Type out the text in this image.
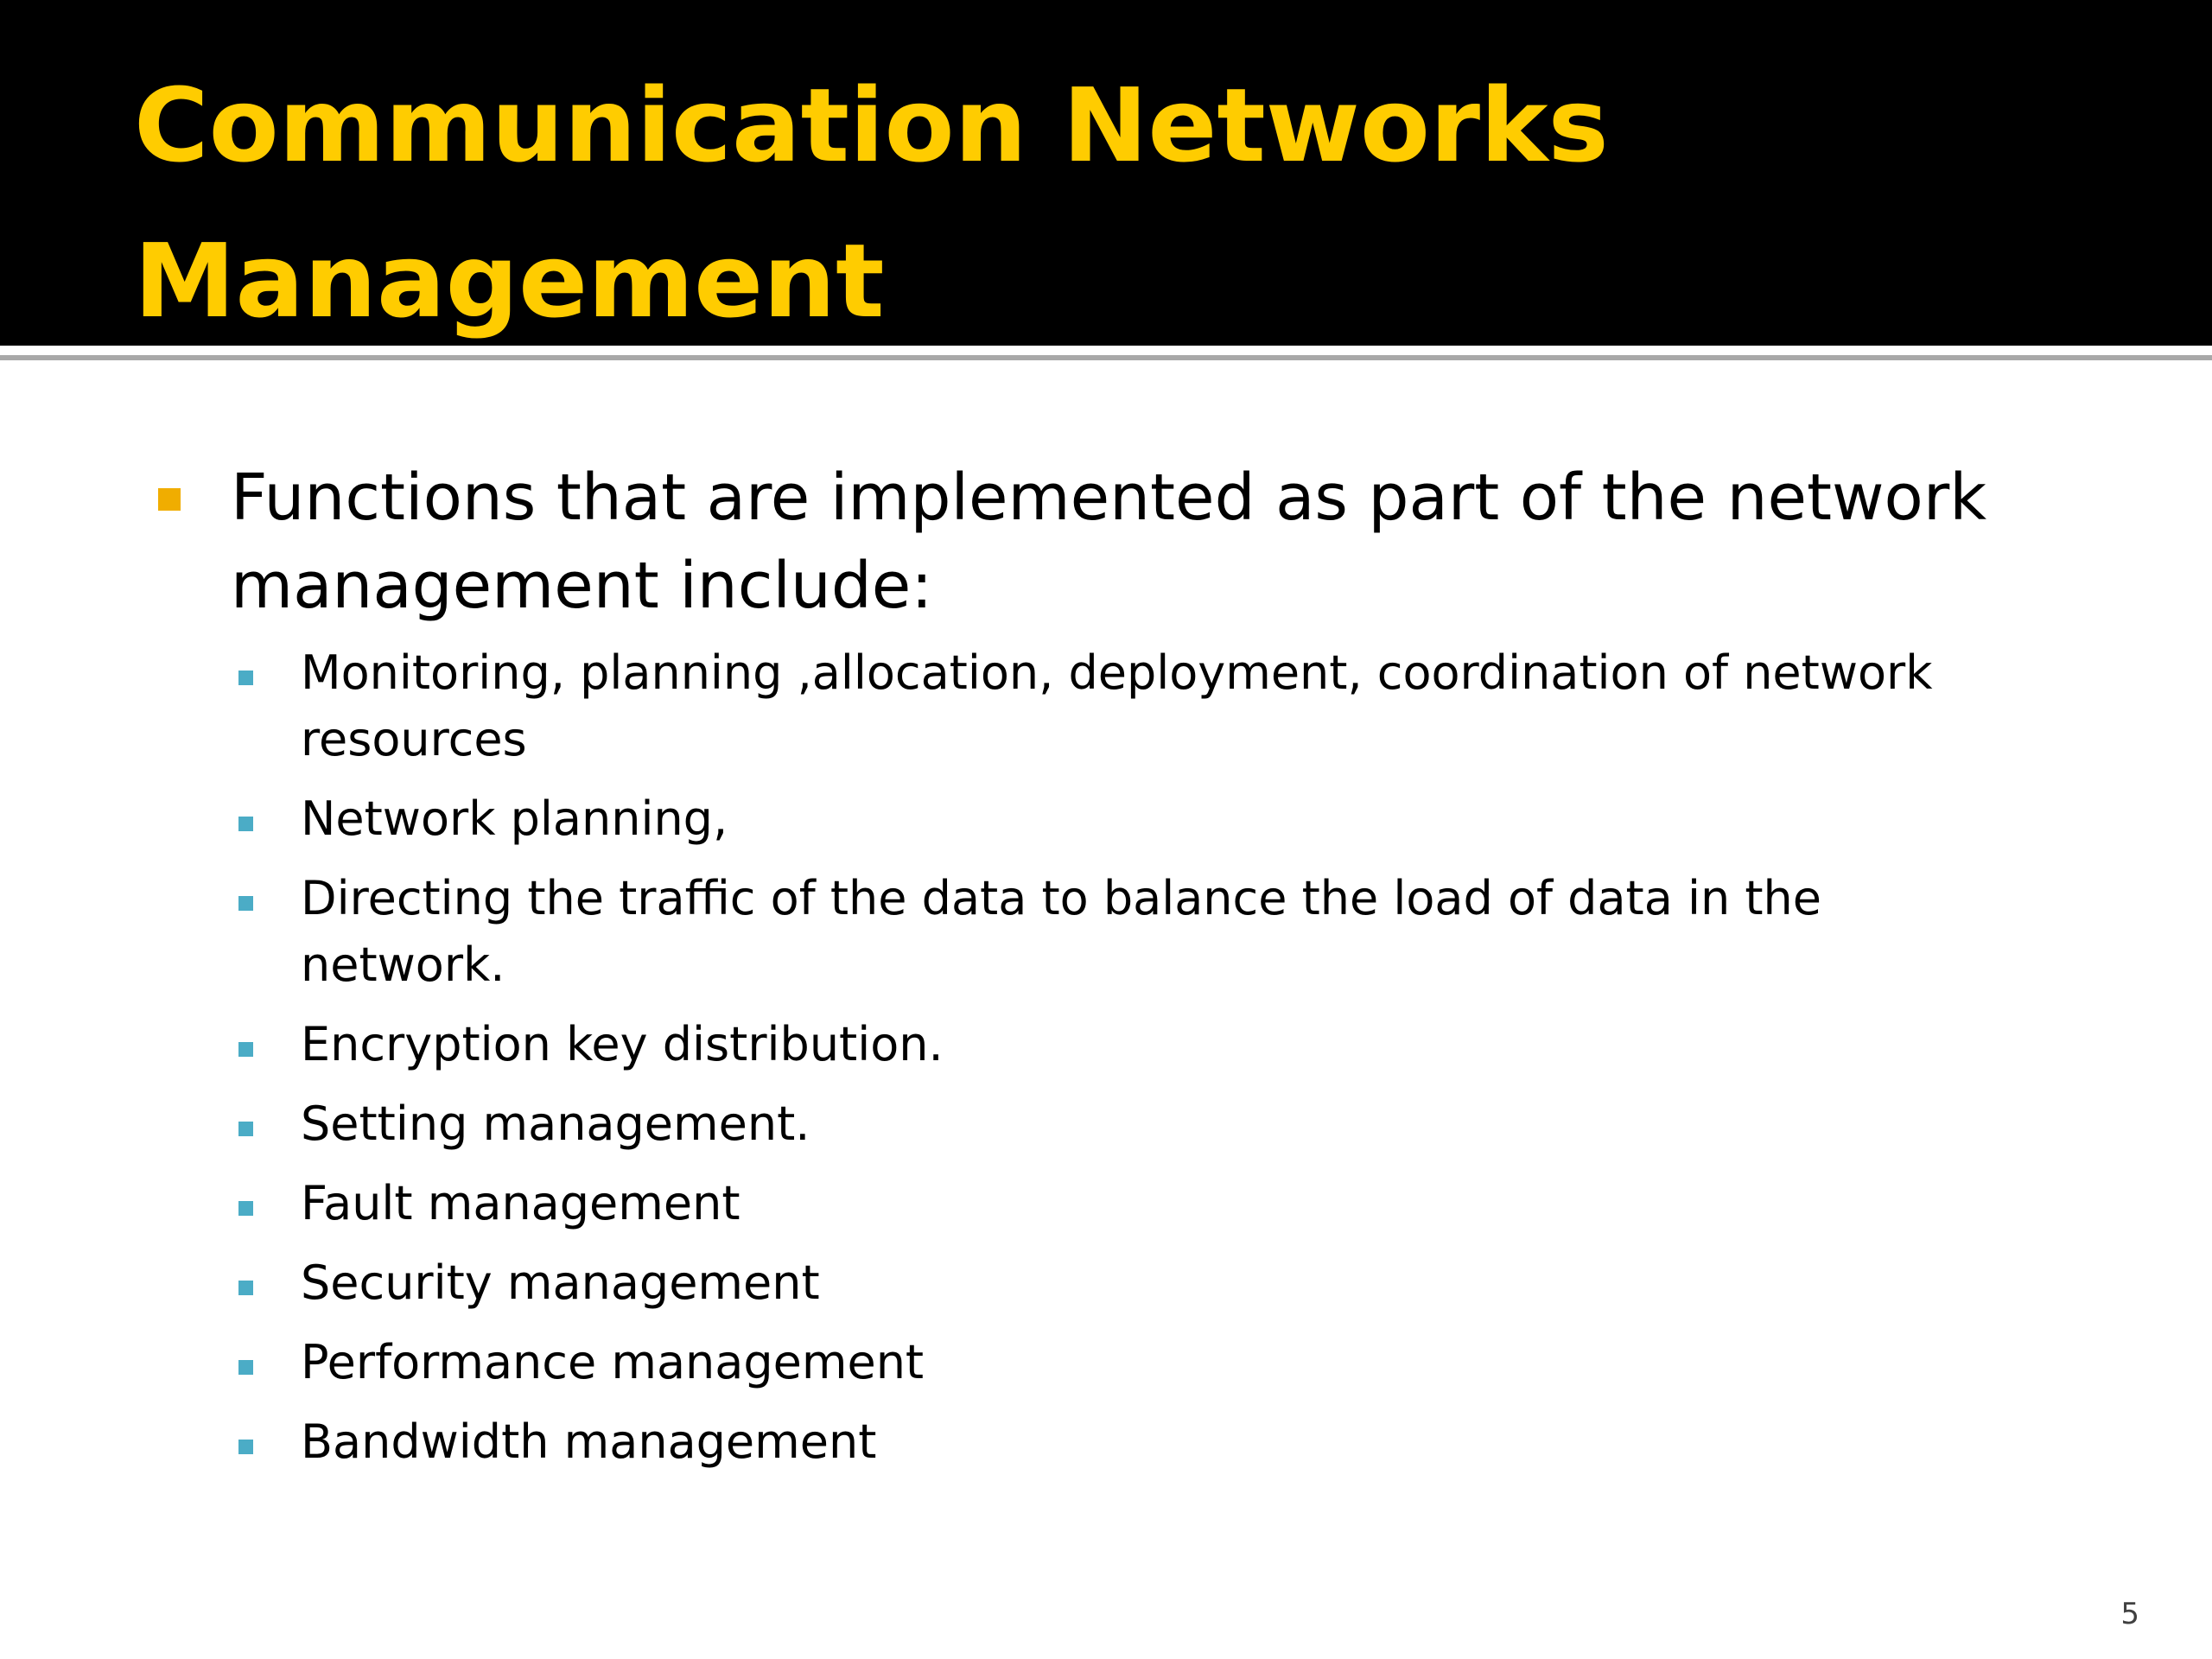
Communication Networks Management

Functions that are implemented as part of the network management include:

Monitoring, planning ,allocation, deployment, coordination of network resources
Network planning,
Directing the traffic of the data to balance the load of data in the network.
Encryption key distribution.
Setting management.
Fault management
Security management
Performance management
Bandwidth management
5
